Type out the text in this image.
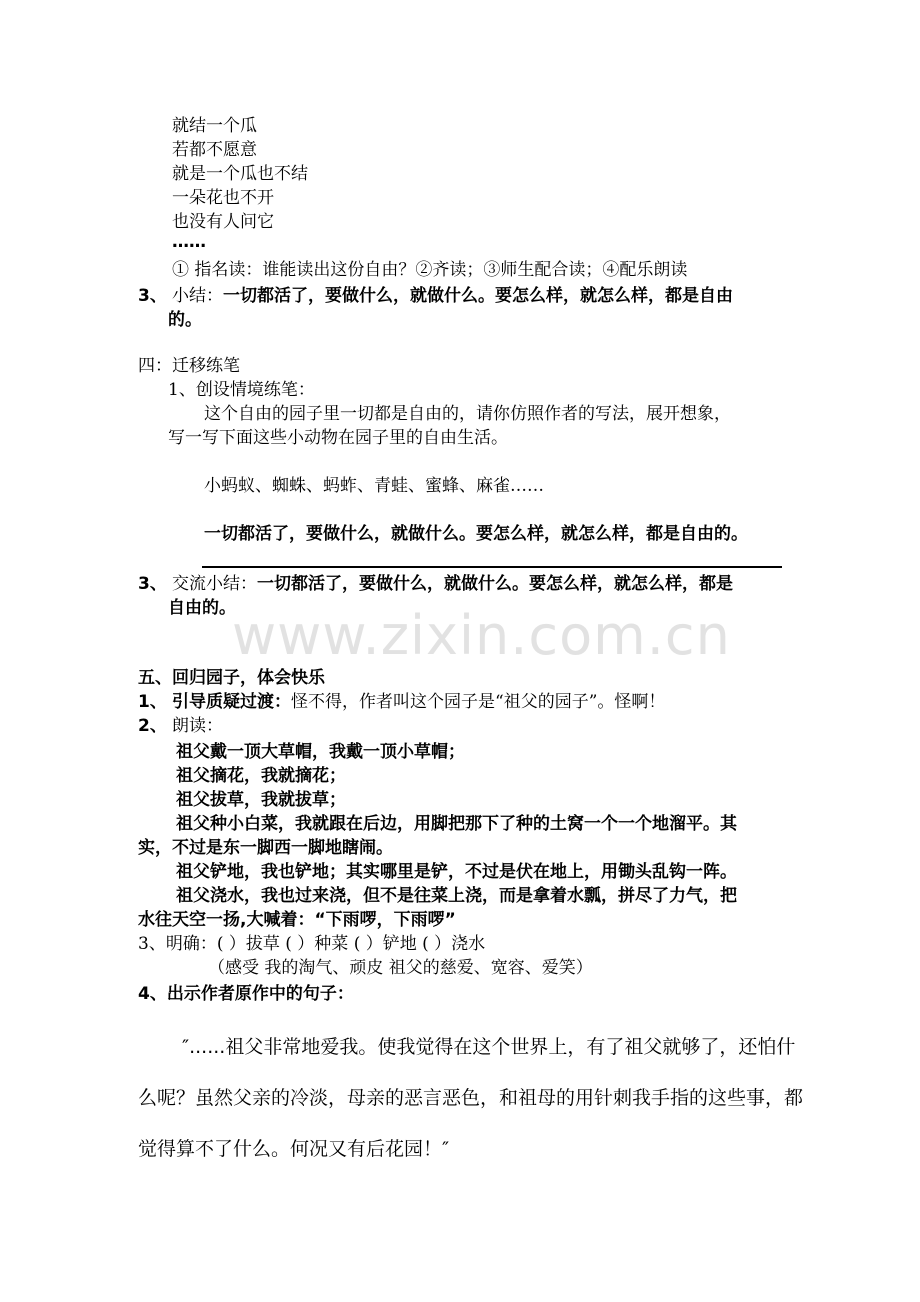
就结一个瓜
若都不愿意
就是一个瓜也不结
一朵花也不开
也没有人问它
……
① 指名读：谁能读出这份自由？②齐读；③师生配合读；④配乐朗读
3、 小结：一切都活了，要做什么，就做什么。要怎么样，就怎么样，都是自由
的。
四：迁移练笔
1、创设情境练笔：
这个自由的园子里一切都是自由的，请你仿照作者的写法，展开想象，
写一写下面这些小动物在园子里的自由生活。
小蚂蚁、蜘蛛、蚂蚱、青蛙、蜜蜂、麻雀……
一切都活了，要做什么，就做什么。要怎么样，就怎么样，都是自由的。
3、 交流小结：一切都活了，要做什么，就做什么。要怎么样，就怎么样，都是
自由的。
www.zixin.com.cn
五、回归园子，体会快乐
1、 引导质疑过渡：怪不得，作者叫这个园子是“祖父的园子”。怪啊！
2、 朗读：
祖父戴一顶大草帽，我戴一顶小草帽；
祖父摘花，我就摘花；
祖父拔草，我就拔草；
祖父种小白菜，我就跟在后边，用脚把那下了种的土窝一个一个地溜平。其
实，不过是东一脚西一脚地瞎闹。
祖父铲地，我也铲地；其实哪里是铲，不过是伏在地上，用锄头乱钩一阵。
祖父浇水，我也过来浇，但不是往菜上浇，而是拿着水瓢，拼尽了力气，把
水往天空一扬,大喊着：“下雨啰，下雨啰”
3、明确：( ）拔草 ( ）种菜 ( ）铲地 ( ）浇水
（感受 我的淘气、顽皮 祖父的慈爱、宽容、爱笑）
4、出示作者原作中的句子：
″......祖父非常地爱我。使我觉得在这个世界上，有了祖父就够了，还怕什
么呢？虽然父亲的冷淡，母亲的恶言恶色，和祖母的用针刺我手指的这些事，都
觉得算不了什么。何况又有后花园！″
